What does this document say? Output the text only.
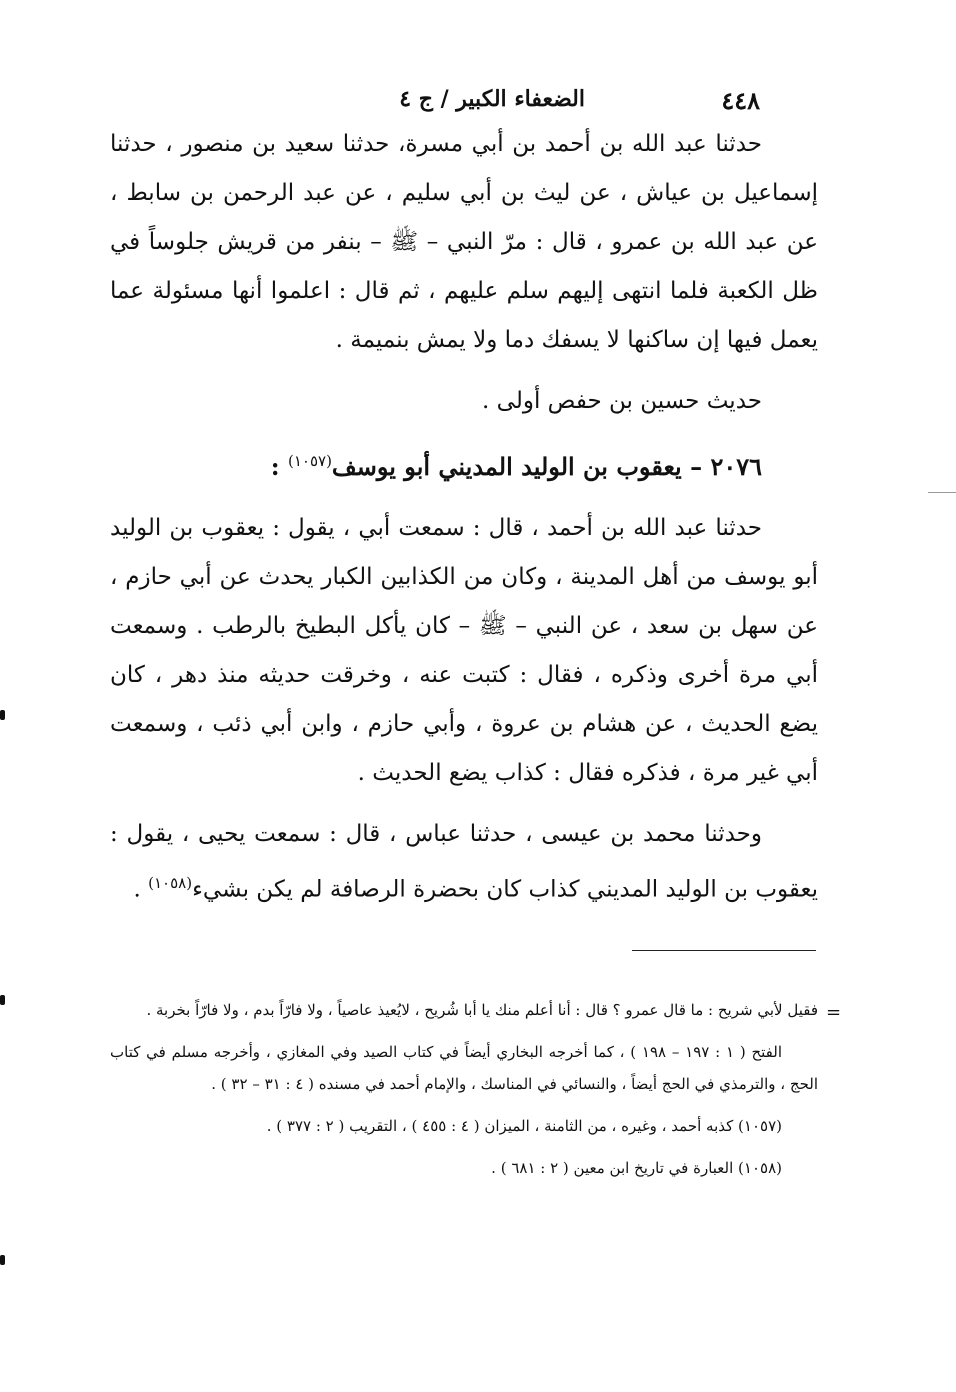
٤٤٨
الضعفاء الكبير / ج ٤

حدثنا عبد الله بن أحمد بن أبي مسرة، حدثنا سعيد بن منصور ، حدثنا إسماعيل بن عياش ، عن ليث بن أبي سليم ، عن عبد الرحمن بن سابط ، عن عبد الله بن عمرو ، قال : مرّ النبي – ﷺ – بنفر من قريش جلوساً في ظل الكعبة فلما انتهى إليهم سلم عليهم ، ثم قال : اعلموا أنها مسئولة عما يعمل فيها إن ساكنها لا يسفك دما ولا يمش بنميمة .

حديث حسين بن حفص أولى .

٢٠٧٦ – يعقوب بن الوليد المديني أبو يوسف$^{(١٠٥٧)}$ :

حدثنا عبد الله بن أحمد ، قال : سمعت أبي ، يقول : يعقوب بن الوليد أبو يوسف من أهل المدينة ، وكان من الكذابين الكبار يحدث عن أبي حازم ، عن سهل بن سعد ، عن النبي – ﷺ – كان يأكل البطيخ بالرطب . وسمعت أبي مرة أخرى وذكره ، فقال : كتبت عنه ، وخرقت حديثه منذ دهر ، كان يضع الحديث ، عن هشام بن عروة ، وأبي حازم ، وابن أبي ذئب ، وسمعت أبي غير مرة ، فذكره فقال : كذاب يضع الحديث .

وحدثنا محمد بن عيسى ، حدثنا عباس ، قال : سمعت يحيى ، يقول : يعقوب بن الوليد المديني كذاب كان بحضرة الرصافة لم يكن بشيء$^{(١٠٥٨)}$ .

=

فقيل لأبي شريح : ما قال عمرو ؟ قال : أنا أعلم منك يا أبا شُريح ، لايُعيذ عاصياً ، ولا فارّاً بدم ، ولا فارّاً بخربة .

الفتح ( ١ : ١٩٧ – ١٩٨ ) ، كما أخرجه البخاري أيضاً في كتاب الصيد وفي المغازي ، وأخرجه مسلم في كتاب الحج ، والترمذي في الحج أيضاً ، والنسائي في المناسك ، والإمام أحمد في مسنده ( ٤ : ٣١ – ٣٢ ) .

(١٠٥٧) كذبه أحمد ، وغيره ، من الثامنة ، الميزان ( ٤ : ٤٥٥ ) ، التقريب ( ٢ : ٣٧٧ ) .

(١٠٥٨) العبارة في تاريخ ابن معين ( ٢ : ٦٨١ ) .
